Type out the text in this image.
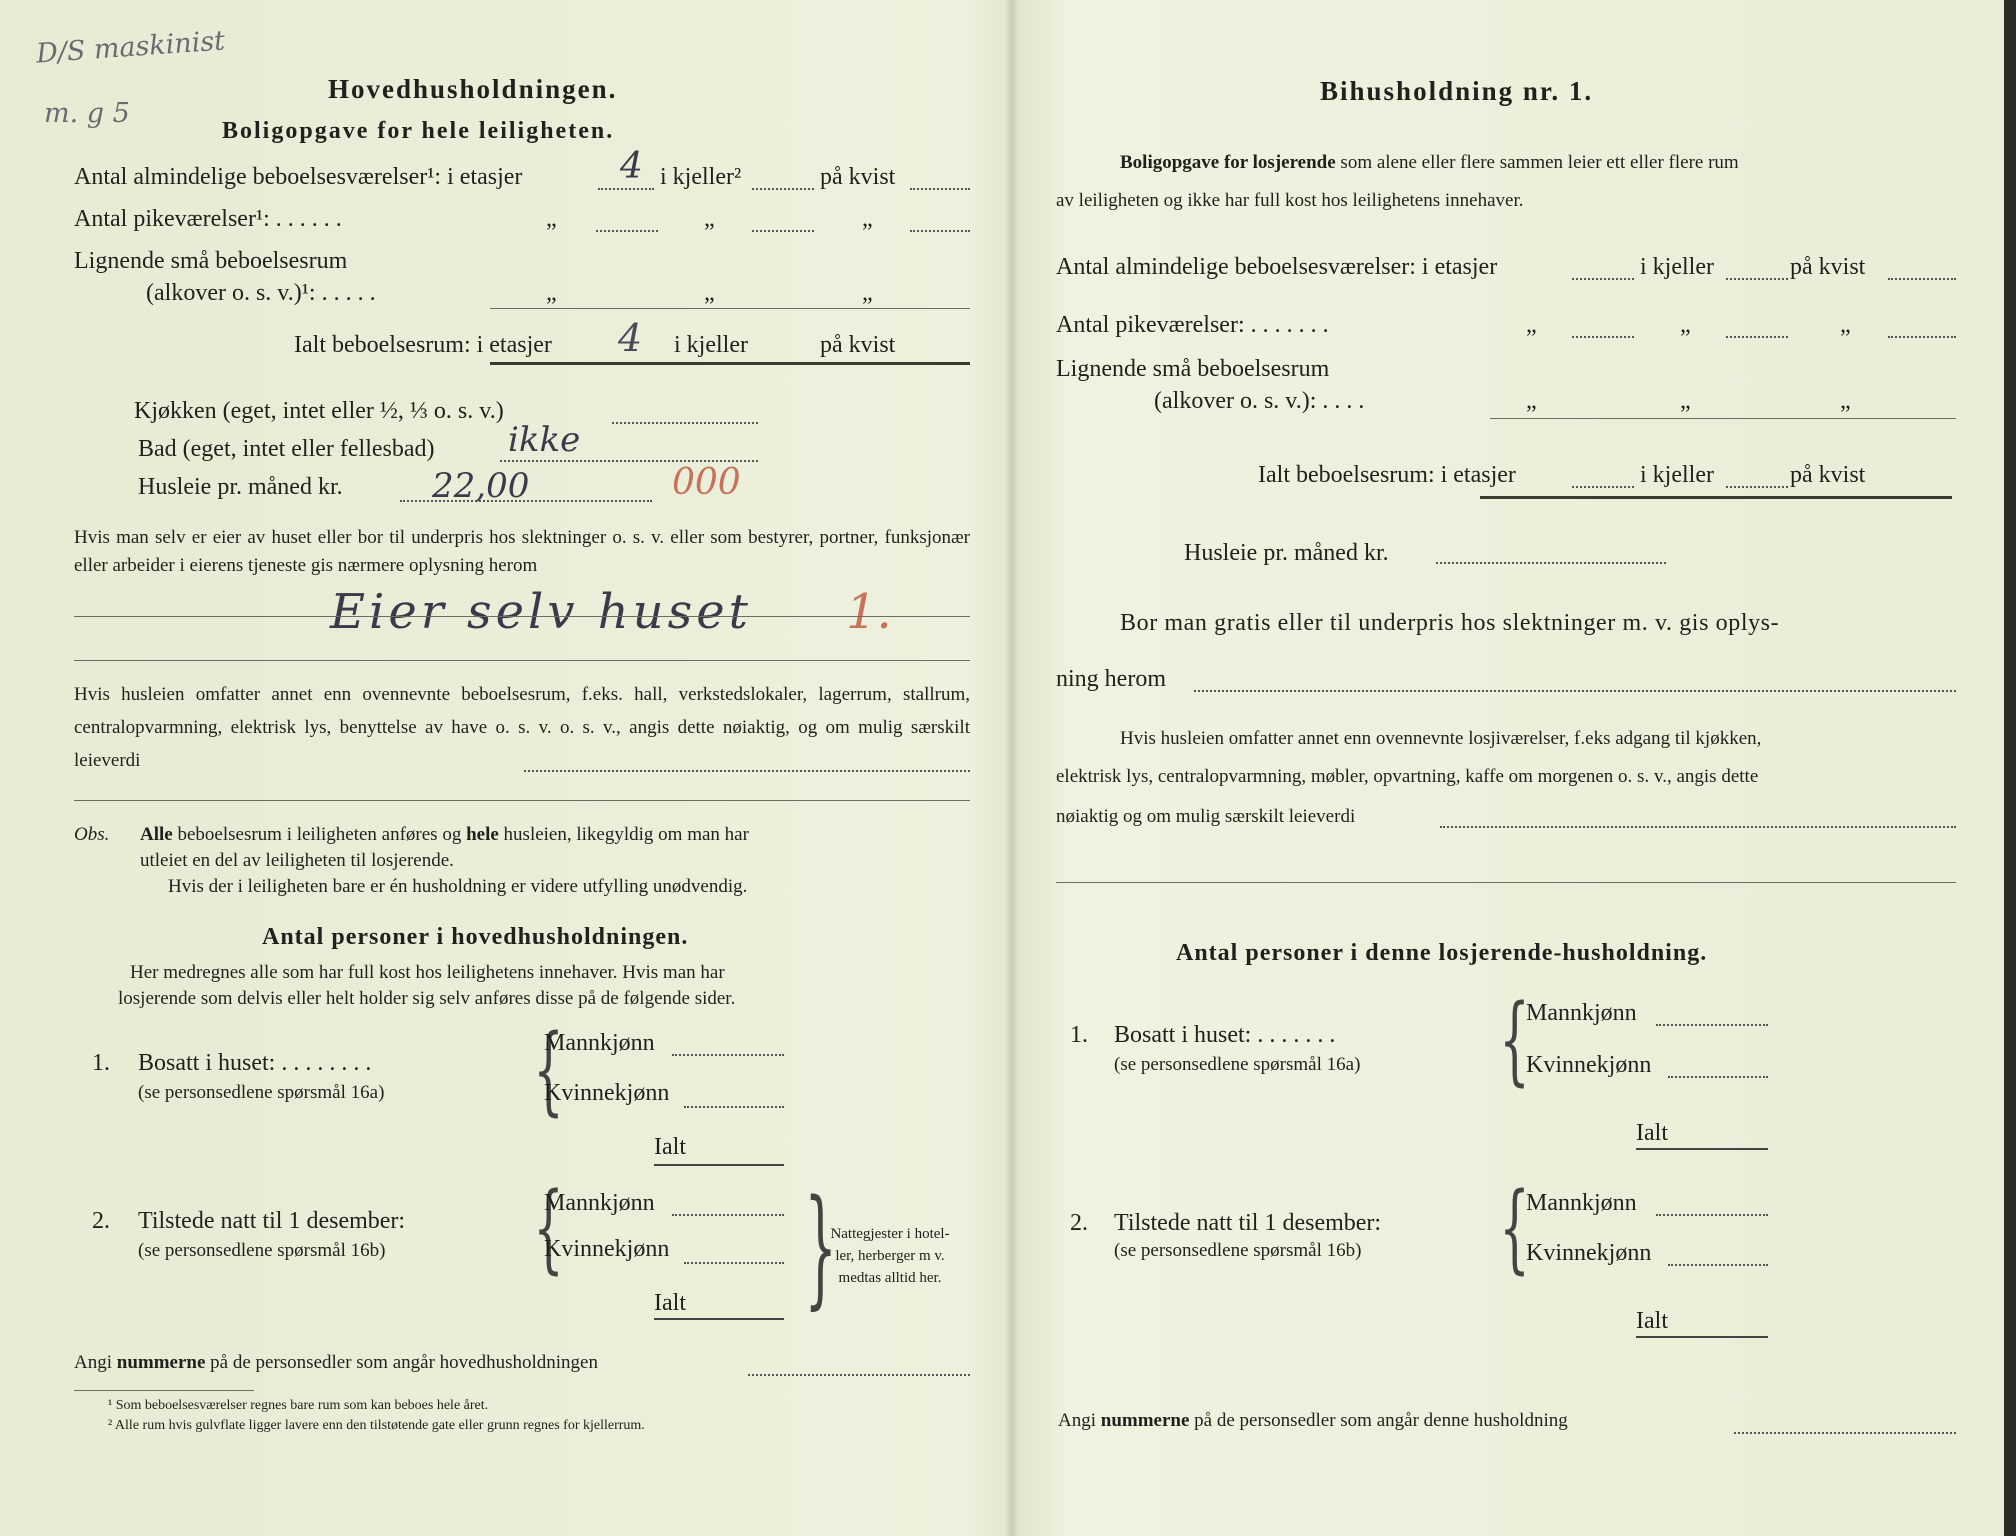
D/S maskinist
m. g 5
Hovedhusholdningen.
Boligopgave for hele leiligheten.
Antal almindelige beboelsesværelser¹: i etasjer	4 i kjeller²	på kvist
Antal pikeværelser¹: . . . . . .	„	„	„
Lignende små beboelsesrum
(alkover o. s. v.)¹: . . . . .	„	„	„
Ialt beboelsesrum: i etasjer 4 i kjeller	på kvist
Kjøkken (eget, intet eller ½, ⅓ o. s. v.)
Bad (eget, intet eller fellesbad) ikke
Husleie pr. måned kr.	22,00	000
Hvis man selv er eier av huset eller bor til underpris hos slektninger o. s. v. eller som bestyrer, portner, funksjonær eller arbeider i eierens tjeneste gis nærmere oplysning herom
Eier selv huset 1.
Hvis husleien omfatter annet enn ovennevnte beboelsesrum, f.eks. hall, verkstedslokaler, lagerrum, stallrum, centralopvarmning, elektrisk lys, benyttelse av have o. s. v. o. s. v., angis dette nøiaktig, og om mulig særskilt leieverdi
Obs. Alle beboelsesrum i leiligheten anføres og hele husleien, likegyldig om man har
utleiet en del av leiligheten til losjerende.
Hvis der i leiligheten bare er én husholdning er videre utfylling unødvendig.
Antal personer i hovedhusholdningen.
Her medregnes alle som har full kost hos leilighetens innehaver. Hvis man har
losjerende som delvis eller helt holder sig selv anføres disse på de følgende sider.
1. Bosatt i huset: . . . . . . . .
(se personsedlene spørsmål 16a) {
Mannkjønn
Kvinnekjønn
Ialt
2. Tilstede natt til 1 desember:
(se personsedlene spørsmål 16b) {
Mannkjønn
Kvinnekjønn
Ialt }
Nattegjester i hotel-
ler, herberger m v.
medtas alltid her.
Angi nummerne på de personsedler som angår hovedhusholdningen
¹ Som beboelsesværelser regnes bare rum som kan beboes hele året.
² Alle rum hvis gulvflate ligger lavere enn den tilstøtende gate eller grunn regnes for kjellerrum.
Bihusholdning nr. 1.
Boligopgave for losjerende som alene eller flere sammen leier ett eller flere rum
av leiligheten og ikke har full kost hos leilighetens innehaver.
Antal almindelige beboelsesværelser: i etasjer	i kjeller	på kvist
Antal pikeværelser: . . . . . . .	„	„	„
Lignende små beboelsesrum
(alkover o. s. v.): . . . .	„	„	„
Ialt beboelsesrum: i etasjer	i kjeller	på kvist
Husleie pr. måned kr.
Bor man gratis eller til underpris hos slektninger m. v. gis oplys-
ning herom
Hvis husleien omfatter annet enn ovennevnte losjiværelser, f.eks adgang til kjøkken,
elektrisk lys, centralopvarmning, møbler, opvartning, kaffe om morgenen o. s. v., angis dette
nøiaktig og om mulig særskilt leieverdi
Antal personer i denne losjerende-husholdning.
1. Bosatt i huset: . . . . . . .
(se personsedlene spørsmål 16a) {
Mannkjønn
Kvinnekjønn
Ialt
2. Tilstede natt til 1 desember:
(se personsedlene spørsmål 16b) {
Mannkjønn
Kvinnekjønn
Ialt
Angi nummerne på de personsedler som angår denne husholdning
